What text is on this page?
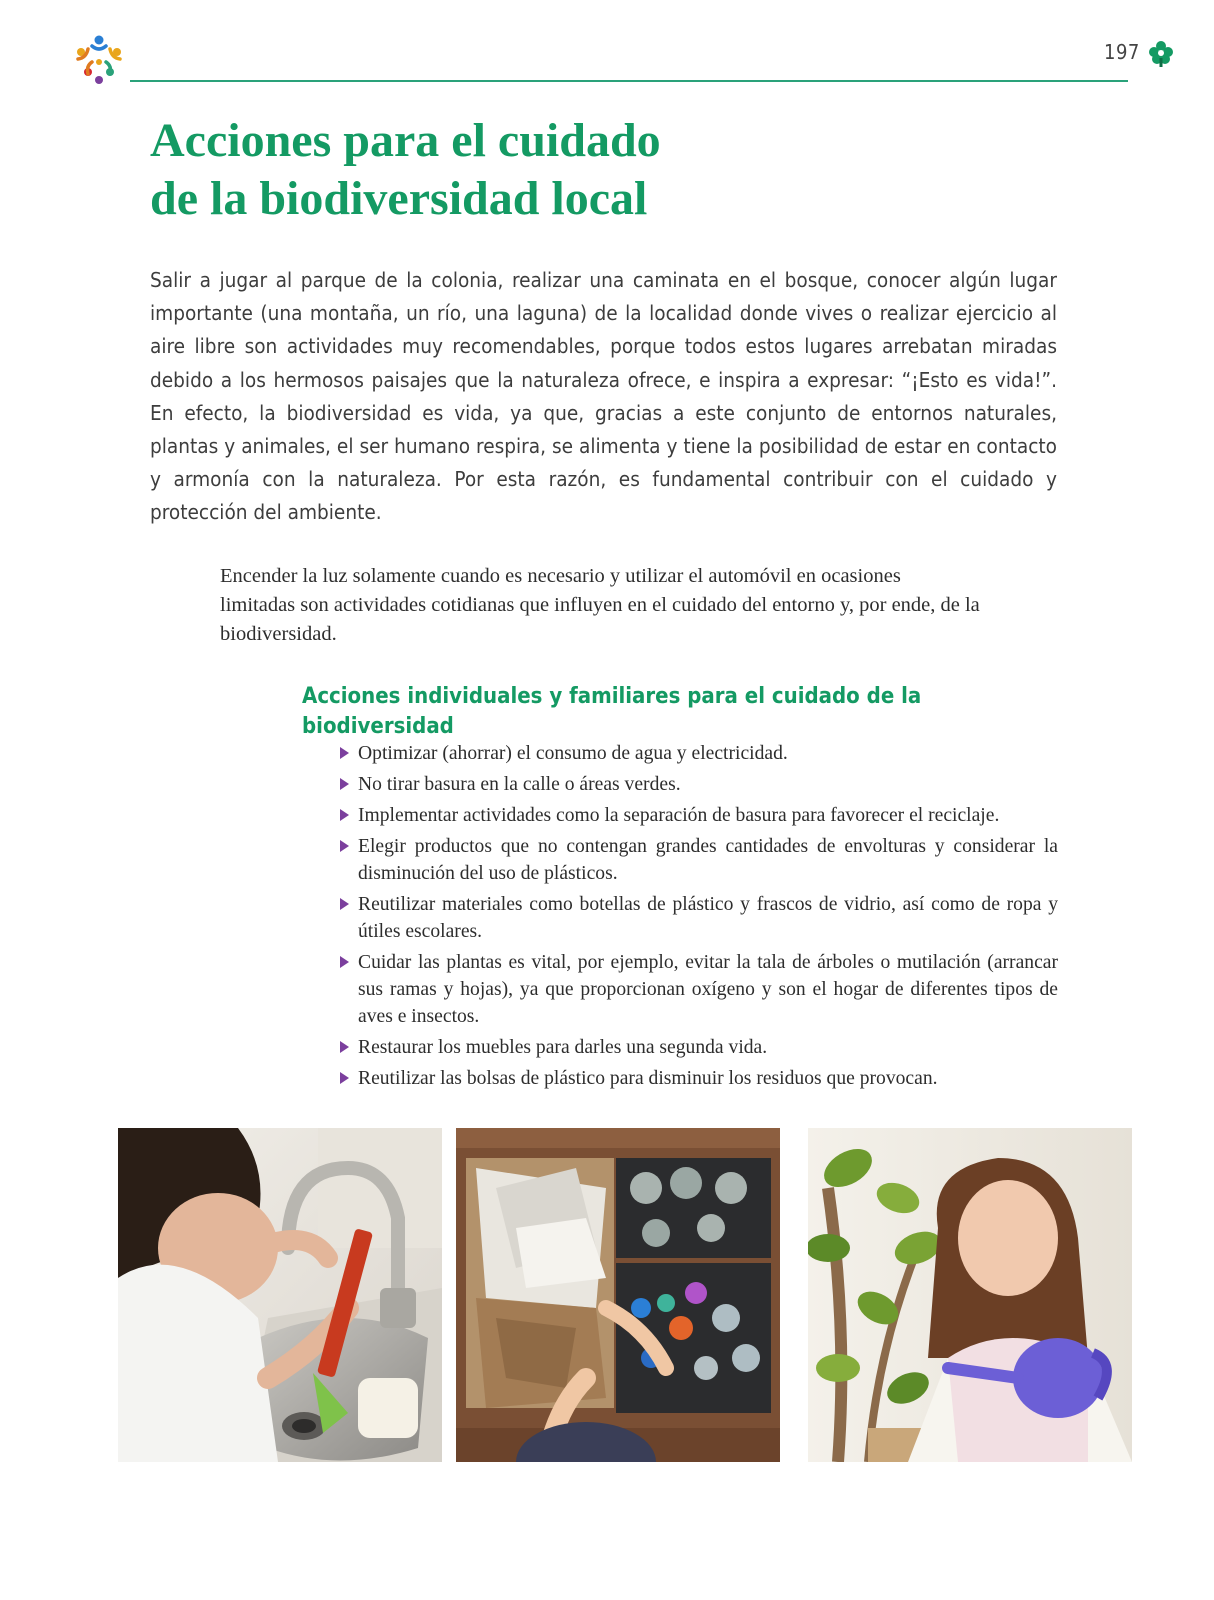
197
Acciones para el cuidado
de la biodiversidad local

Salir a jugar al parque de la colonia, realizar una caminata en el bosque, conocer algún lugar importante (una montaña, un río, una laguna) de la localidad donde vives o realizar ejercicio al aire libre son actividades muy recomendables, porque todos estos lugares arrebatan miradas debido a los hermosos paisajes que la naturaleza ofrece, e inspira a expresar: “¡Esto es vida!”. En efecto, la biodiversidad es vida, ya que, gracias a este conjunto de entornos naturales, plantas y animales, el ser humano respira, se alimenta y tiene la posibilidad de estar en contacto y armonía con la naturaleza. Por esta razón, es fundamental contribuir con el cuidado y protección del ambiente.

Encender la luz solamente cuando es necesario y utilizar el automóvil en ocasiones limitadas son actividades cotidianas que influyen en el cuidado del entorno y, por ende, de la biodiversidad.

Acciones individuales y familiares para el cuidado de la biodiversidad
Optimizar (ahorrar) el consumo de agua y electricidad.
No tirar basura en la calle o áreas verdes.
Implementar actividades como la separación de basura para favorecer el reciclaje.
Elegir productos que no contengan grandes cantidades de envolturas y considerar la disminución del uso de plásticos.
Reutilizar materiales como botellas de plástico y frascos de vidrio, así como de ropa y útiles escolares.
Cuidar las plantas es vital, por ejemplo, evitar la tala de árboles o mutilación (arrancar sus ramas y hojas), ya que proporcionan oxígeno y son el hogar de diferentes tipos de aves e insectos.
Restaurar los muebles para darles una segunda vida.
Reutilizar las bolsas de plástico para disminuir los residuos que provocan.
